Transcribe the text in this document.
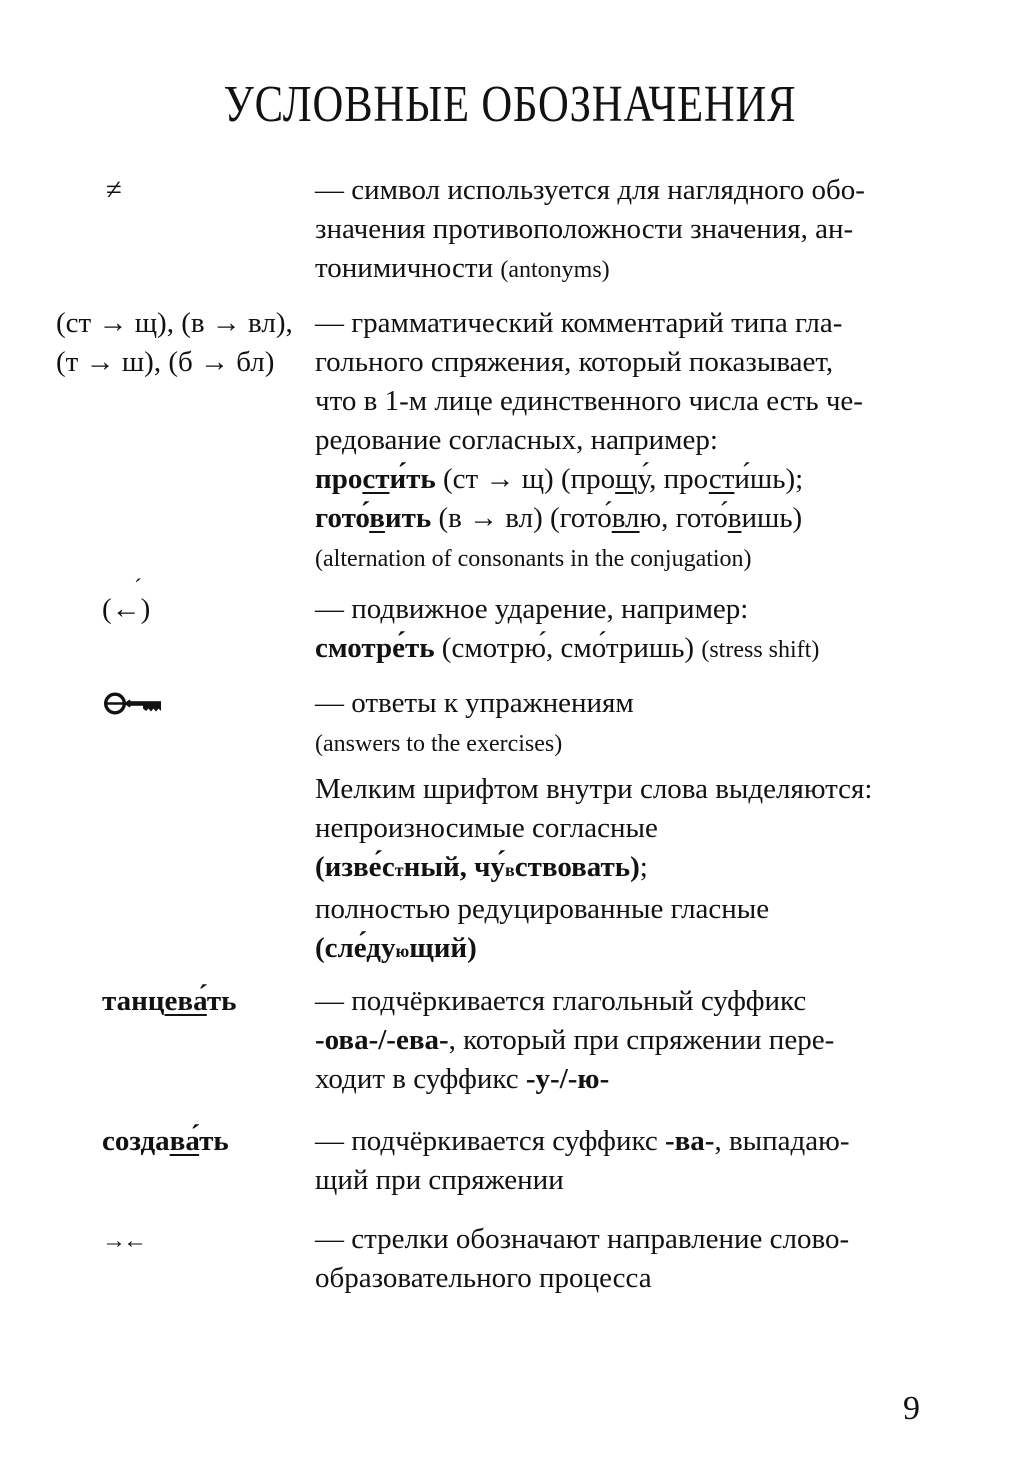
УСЛОВНЫЕ ОБОЗНАЧЕНИЯ
≠	— символ используется для наглядного обо-
значения противоположности значения, ан-
тонимичности (antonyms)
(ст → щ), (в → вл),
(т → ш), (б → бл)
— грамматический комментарий типа гла-
гольного спряжения, который показывает,
что в 1-м лице единственного числа есть че-
редование согласных, например:
прости́ть (ст → щ) (прощу́, прости́шь);
гото́вить (в → вл) (гото́влю, гото́вишь)
(alternation of consonants in the conjugation)
(←
´
)	— подвижное ударение, например:
смотре́ть (смотрю́, смо́тришь) (stress shift)
— ответы к упражнениям
(answers to the exercises)
Мелким шрифтом внутри слова выделяются:
непроизносимые согласные
(изве́стный, чу́вствовать);
полностью редуцированные гласные
(сле́дующий)
танцева́ть	— подчёркивается глагольный суффикс
-ова-/-ева-, который при спряжении пере-
ходит в суффикс -у-/-ю-
создава́ть	— подчёркивается суффикс -ва-, выпадаю-
щий при спряжении
→←	— стрелки обозначают направление слово-
образовательного процесса
9
